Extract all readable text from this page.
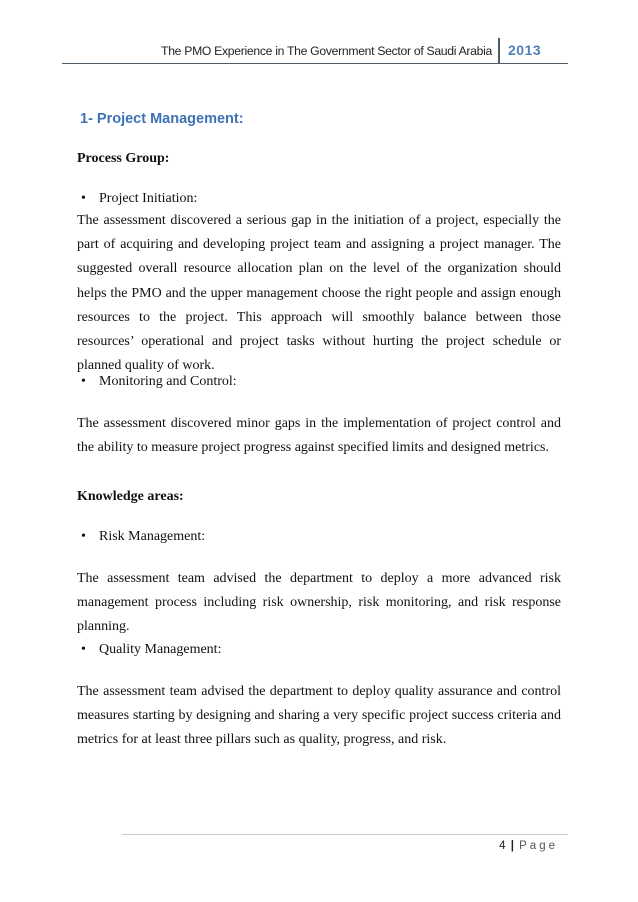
The PMO Experience in The Government Sector of Saudi Arabia 2013
1- Project Management:
Process Group:
• Project Initiation:
The assessment discovered a serious gap in the initiation of a project, especially the part of acquiring and developing project team and assigning a project manager. The suggested overall resource allocation plan on the level of the organization should helps the PMO and the upper management choose the right people and assign enough resources to the project. This approach will smoothly balance between those resources’ operational and project tasks without hurting the project schedule or planned quality of work.
• Monitoring and Control:
The assessment discovered minor gaps in the implementation of project control and the ability to measure project progress against specified limits and designed metrics.
Knowledge areas:
• Risk Management:
The assessment team advised the department to deploy a more advanced risk management process including risk ownership, risk monitoring, and risk response planning.
• Quality Management:
The assessment team advised the department to deploy quality assurance and control measures starting by designing and sharing a very specific project success criteria and metrics for at least three pillars such as quality, progress, and risk.
4 | Page
